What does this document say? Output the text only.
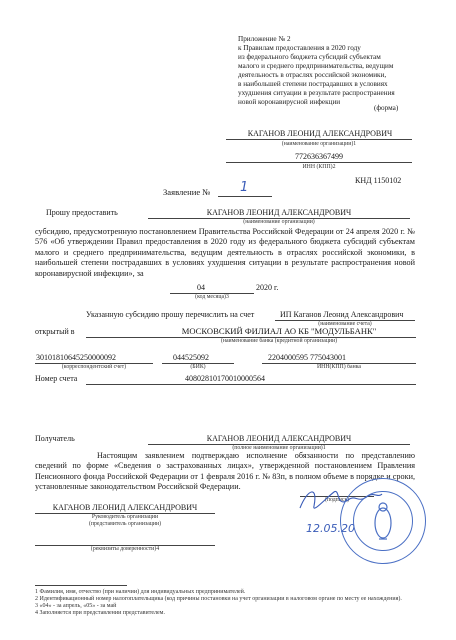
Приложение № 2
к Правилам предоставления в 2020 году
из федерального бюджета субсидий субъектам
малого и среднего предпринимательства, ведущим
деятельность в отраслях российской экономики,
в наибольшей степени пострадавших в условиях
ухудшения ситуации в результате распространения
новой коронавирусной инфекции
(форма)
КАГАНОВ ЛЕОНИД АЛЕКСАНДРОВИЧ
(наименование организации)1
772636367499
ИНН (КПП)2
КНД 1150102
Заявление № 1
Прошу предоставить	КАГАНОВ ЛЕОНИД АЛЕКСАНДРОВИЧ
(наименование организации)
субсидию, предусмотренную постановлением Правительства Российской Федерации от 24 апреля 2020 г. № 576 «Об утверждении Правил предоставления в 2020 году из федерального бюджета субсидий субъектам малого и среднего предпринимательства, ведущим деятельность в отраслях российской экономики, в наибольшей степени пострадавших в условиях ухудшения ситуации в результате распространения новой коронавирусной инфекции», за
04	2020 г.
(код месяца)3
Указанную субсидию прошу перечислить на счет	ИП Каганов Леонид Александрович
(наименование счета)
открытый в	МОСКОВСКИЙ ФИЛИАЛ АО КБ "МОДУЛЬБАНК"
(наименование банка (кредитной организации)
30101810645250000092
(корреспондентский счет)
044525092
(БИК)
2204000595 775043001
ИНН(КПП) банка
Номер счета	40802810170010000564
Получатель	КАГАНОВ ЛЕОНИД АЛЕКСАНДРОВИЧ
(полное наименование организации)1
Настоящим заявлением подтверждаю исполнение обязанности по представлению сведений по форме «Сведения о застрахованных лицах», утвержденной постановлением Правления Пенсионного фонда Российской Федерации от 1 февраля 2016 г. № 83п, в полном объеме в порядке и сроки, установленные законодательством Российской Федерации.
КАГАНОВ ЛЕОНИД АЛЕКСАНДРОВИЧ
Руководитель организации
(представитель организации)
(подпись)
(реквизиты доверенности)4
12.05.20
1 Фамилия, имя, отчество (при наличии) для индивидуальных предпринимателей.
2 Идентификационный номер налогоплательщика (код причины постановки на учет организации в налоговом органе по месту ее нахождения).
3 «04» - за апрель, «05» - за май
4 Заполняется при представлении представителем.
